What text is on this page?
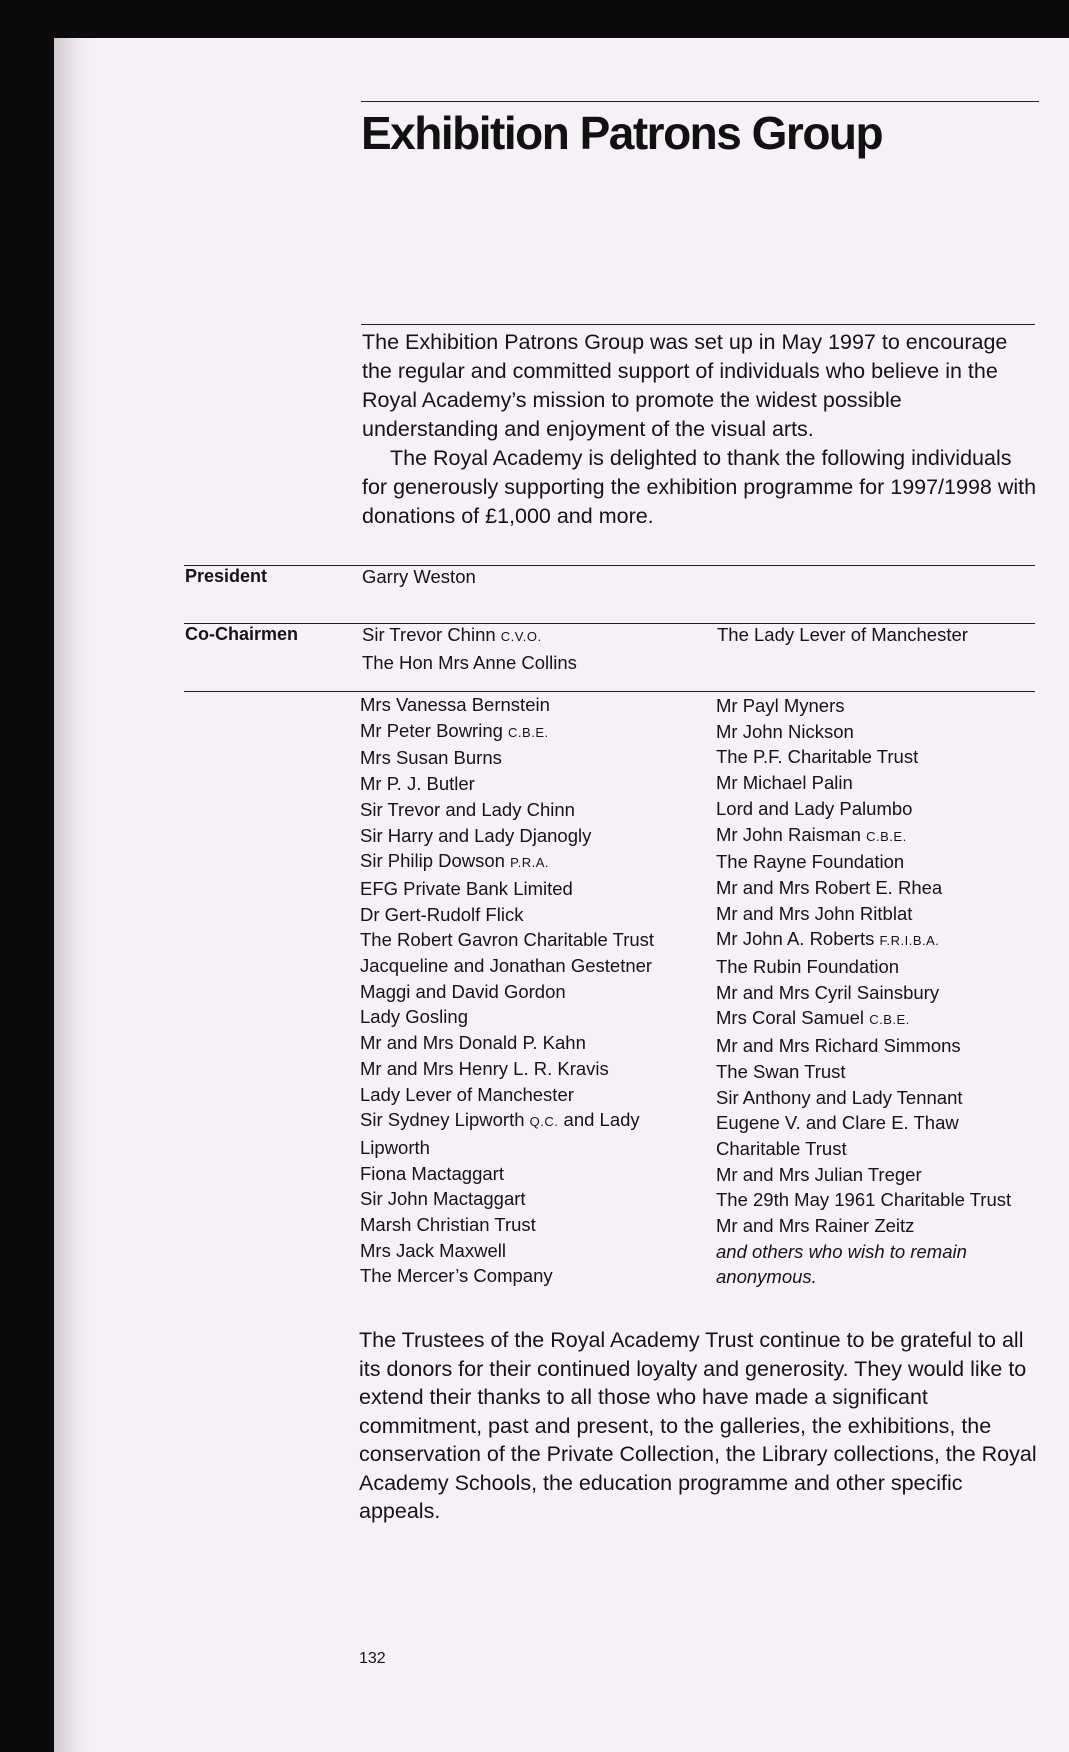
Exhibition Patrons Group

The Exhibition Patrons Group was set up in May 1997 to encourage the regular and committed support of individuals who believe in the Royal Academy’s mission to promote the widest possible understanding and enjoyment of the visual arts.

The Royal Academy is delighted to thank the following individuals for generously supporting the exhibition programme for 1997/1998 with donations of £1,000 and more.

President	Garry Weston
Co-Chairmen	Sir Trevor Chinn C.V.O.
The Hon Mrs Anne Collins
The Lady Lever of Manchester
Mrs Vanessa Bernstein
Mr Peter Bowring C.B.E.
Mrs Susan Burns
Mr P. J. Butler
Sir Trevor and Lady Chinn
Sir Harry and Lady Djanogly
Sir Philip Dowson P.R.A.
EFG Private Bank Limited
Dr Gert-Rudolf Flick
The Robert Gavron Charitable Trust
Jacqueline and Jonathan Gestetner
Maggi and David Gordon
Lady Gosling
Mr and Mrs Donald P. Kahn
Mr and Mrs Henry L. R. Kravis
Lady Lever of Manchester
Sir Sydney Lipworth Q.C. and Lady
Lipworth
Fiona Mactaggart
Sir John Mactaggart
Marsh Christian Trust
Mrs Jack Maxwell
The Mercer’s Company
Mr Payl Myners
Mr John Nickson
The P.F. Charitable Trust
Mr Michael Palin
Lord and Lady Palumbo
Mr John Raisman C.B.E.
The Rayne Foundation
Mr and Mrs Robert E. Rhea
Mr and Mrs John Ritblat
Mr John A. Roberts F.R.I.B.A.
The Rubin Foundation
Mr and Mrs Cyril Sainsbury
Mrs Coral Samuel C.B.E.
Mr and Mrs Richard Simmons
The Swan Trust
Sir Anthony and Lady Tennant
Eugene V. and Clare E. Thaw
Charitable Trust
Mr and Mrs Julian Treger
The 29th May 1961 Charitable Trust
Mr and Mrs Rainer Zeitz
and others who wish to remain
anonymous.
The Trustees of the Royal Academy Trust continue to be grateful to all its donors for their continued loyalty and generosity. They would like to extend their thanks to all those who have made a significant commitment, past and present, to the galleries, the exhibitions, the conservation of the Private Collection, the Library collections, the Royal Academy Schools, the education programme and other specific appeals.
132
